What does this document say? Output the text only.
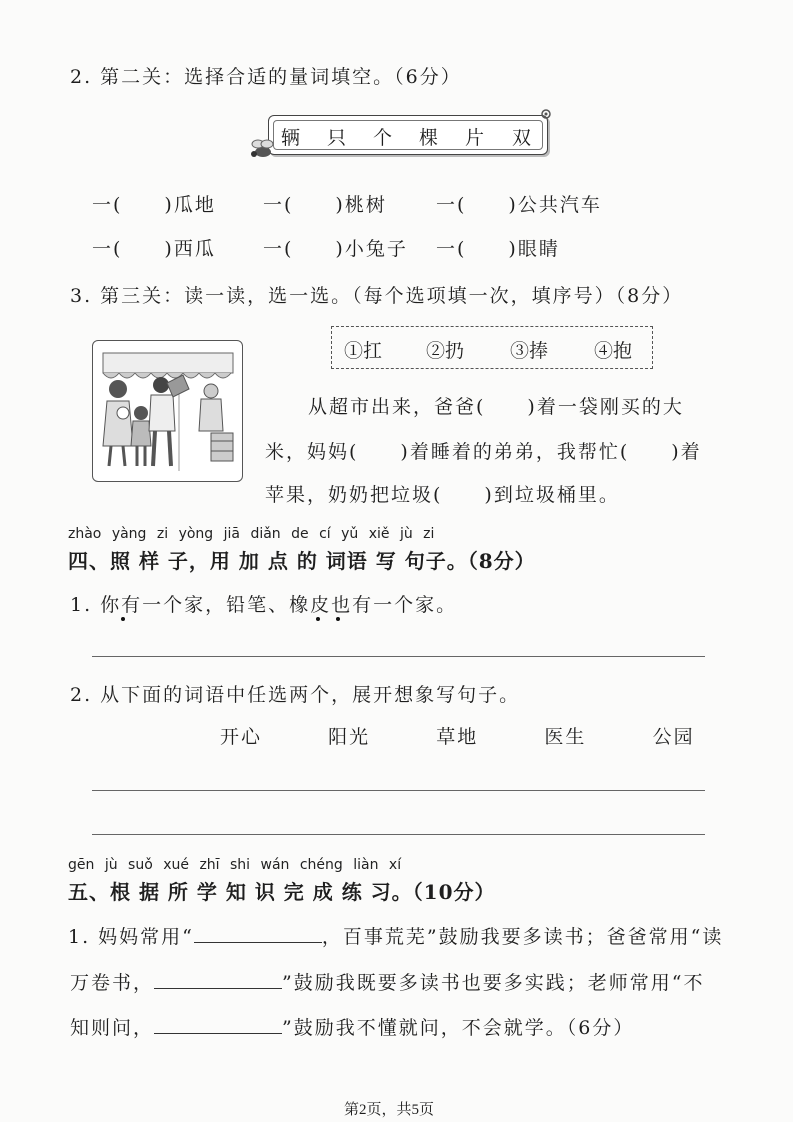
2. 第二关：选择合适的量词填空。（6分）
辆 只 个 棵 片 双
一(　　)瓜地 一(　　)桃树	一(　　)公共汽车
一(　　)西瓜 一(　　)小兔子 一(　　)眼睛
3. 第三关：读一读，选一选。（每个选项填一次，填序号）（8分）
①扛 ②扔 ③捧 ④抱
从超市出来，爸爸(　　)着一袋刚买的大
米，妈妈(　　)着睡着的弟弟，我帮忙(　　)着
苹果，奶奶把垃圾(　　)到垃圾桶里。
zhào yàng zi yòng jiā diǎn de cí yǔ xiě jù zi
四、照 样 子，用 加 点 的 词语 写 句子。（8分）
1. 你有一个家，铅笔、橡皮也有一个家。
2. 从下面的词语中任选两个，展开想象写句子。
开心	阳光	草地	医生	公园
gēn jù suǒ xué zhī shi wán chéng liàn xí
五、根 据 所 学 知 识 完 成 练 习。（10分）
1. 妈妈常用“	，百事荒芜”鼓励我要多读书；爸爸常用“读
万卷书，	”鼓励我既要多读书也要多实践；老师常用“不
知则问，	”鼓励我不懂就问，不会就学。（6分）
第2页，共5页
